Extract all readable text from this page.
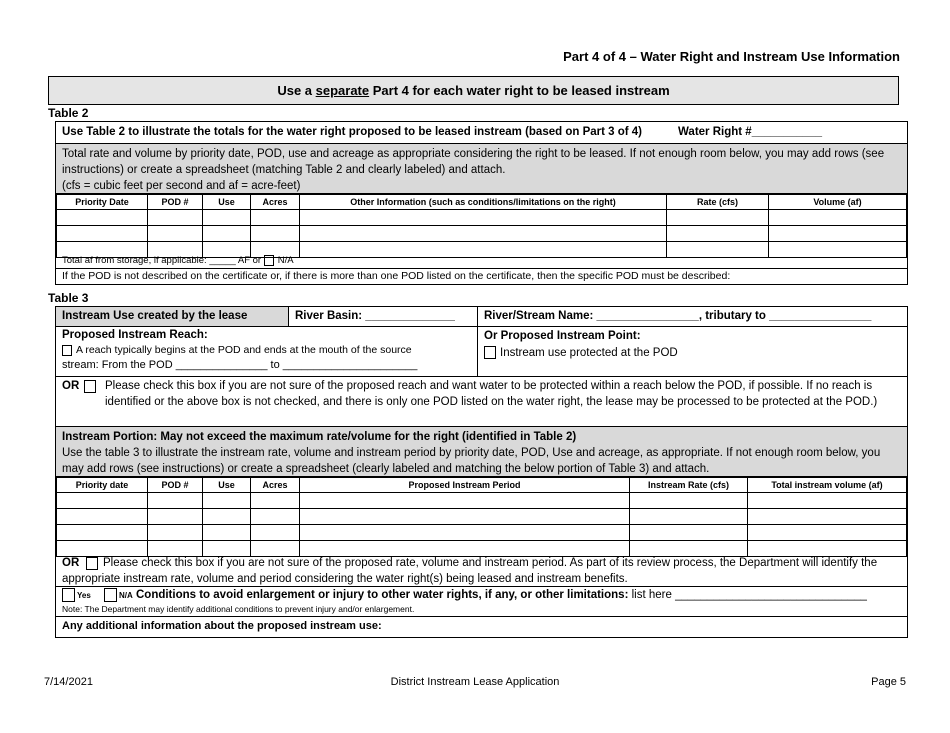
Part 4 of 4 – Water Right and Instream Use Information
Use a separate Part 4 for each water right to be leased instream
Table 2
Use Table 2 to illustrate the totals for the water right proposed to be leased instream (based on Part 3 of 4)	Water Right #___________
Total rate and volume by priority date, POD, use and acreage as appropriate considering the right to be leased. If not enough room below, you may add rows (see instructions) or create a spreadsheet (matching Table 2 and clearly labeled) and attach.
(cfs = cubic feet per second and af = acre-feet)
Priority Date	POD #	Use	Acres	Other Information (such as conditions/limitations on the right)	Rate (cfs)	Volume (af)

Total af from storage, if applicable: _____ AF or N/A
If the POD is not described on the certificate or, if there is more than one POD listed on the certificate, then the specific POD must be described:
Table 3
Instream Use created by the lease	River Basin: ______________	River/Stream Name: ________________, tributary to ________________
Proposed Instream Reach:
A reach typically begins at the POD and ends at the mouth of the source
stream: From the POD _______________ to ______________________
Or Proposed Instream Point:
Instream use protected at the POD
OR Please check this box if you are not sure of the proposed reach and want water to be protected within a reach below the POD, if possible. If no reach is identified or the above box is not checked, and there is only one POD listed on the water right, the lease may be processed to be protected at the POD.)
Instream Portion: May not exceed the maximum rate/volume for the right (identified in Table 2)
Use the table 3 to illustrate the instream rate, volume and instream period by priority date, POD, Use and acreage, as appropriate. If not enough room below, you may add rows (see instructions) or create a spreadsheet (clearly labeled and matching the below portion of Table 3) and attach.
Priority date	POD #	Use	Acres	Proposed Instream Period	Instream Rate (cfs)	Total instream volume (af)

OR	Please check this box if you are not sure of the proposed rate, volume and instream period. As part of its review process, the Department will identify the appropriate instream rate, volume and period considering the water right(s) being leased and instream benefits.
Yes	N/A Conditions to avoid enlargement or injury to other water rights, if any, or other limitations: list here ______________________________
Note: The Department may identify additional conditions to prevent injury and/or enlargement.
Any additional information about the proposed instream use:
7/14/2021	District Instream Lease Application	Page 5
